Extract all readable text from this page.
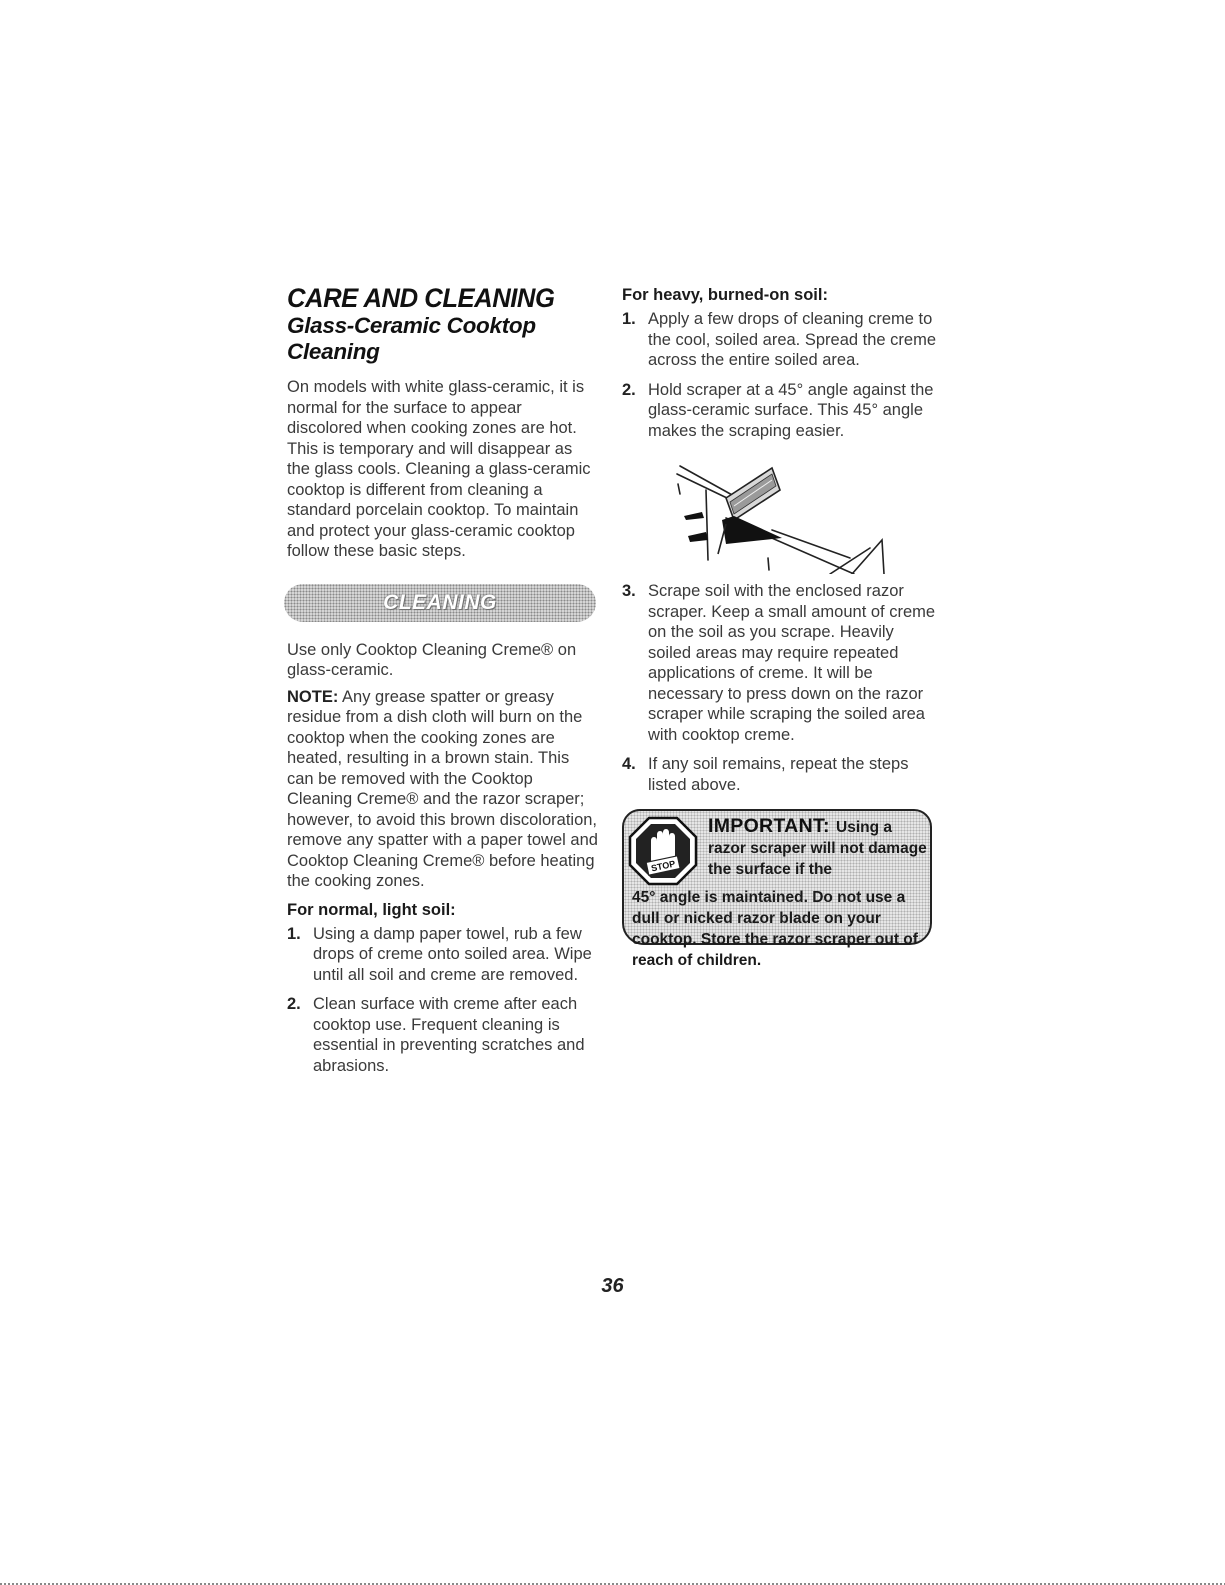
CARE AND CLEANING
Glass-Ceramic Cooktop Cleaning

On models with white glass-ceramic, it is normal for the surface to appear discolored when cooking zones are hot. This is temporary and will disappear as the glass cools. Cleaning a glass-ceramic cooktop is different from cleaning a standard porcelain cooktop. To maintain and protect your glass-ceramic cooktop follow these basic steps.

CLEANING

Use only Cooktop Cleaning Creme® on glass-ceramic.

NOTE: Any grease spatter or greasy residue from a dish cloth will burn on the cooktop when the cooking zones are heated, resulting in a brown stain. This can be removed with the Cooktop Cleaning Creme® and the razor scraper; however, to avoid this brown discoloration, remove any spatter with a paper towel and Cooktop Cleaning Creme® before heating the cooking zones.

For normal, light soil:
1. Using a damp paper towel, rub a few drops of creme onto soiled area. Wipe until all soil and creme are removed.
2. Clean surface with creme after each cooktop use. Frequent cleaning is essential in preventing scratches and abrasions.
For heavy, burned-on soil:
1. Apply a few drops of cleaning creme to the cool, soiled area. Spread the creme across the entire soiled area.
2. Hold scraper at a 45° angle against the glass-ceramic surface. This 45° angle makes the scraping easier.
3. Scrape soil with the enclosed razor scraper. Keep a small amount of creme on the soil as you scrape. Heavily soiled areas may require repeated applications of creme. It will be necessary to press down on the razor scraper while scraping the soiled area with cooktop creme.
4. If any soil remains, repeat the steps listed above.
STOP
Using a razor scraper will not damage the surface if the
IMPORTANT:
45° angle is maintained. Do not use a dull or nicked razor blade on your cooktop. Store the razor scraper out of reach of children.
36
